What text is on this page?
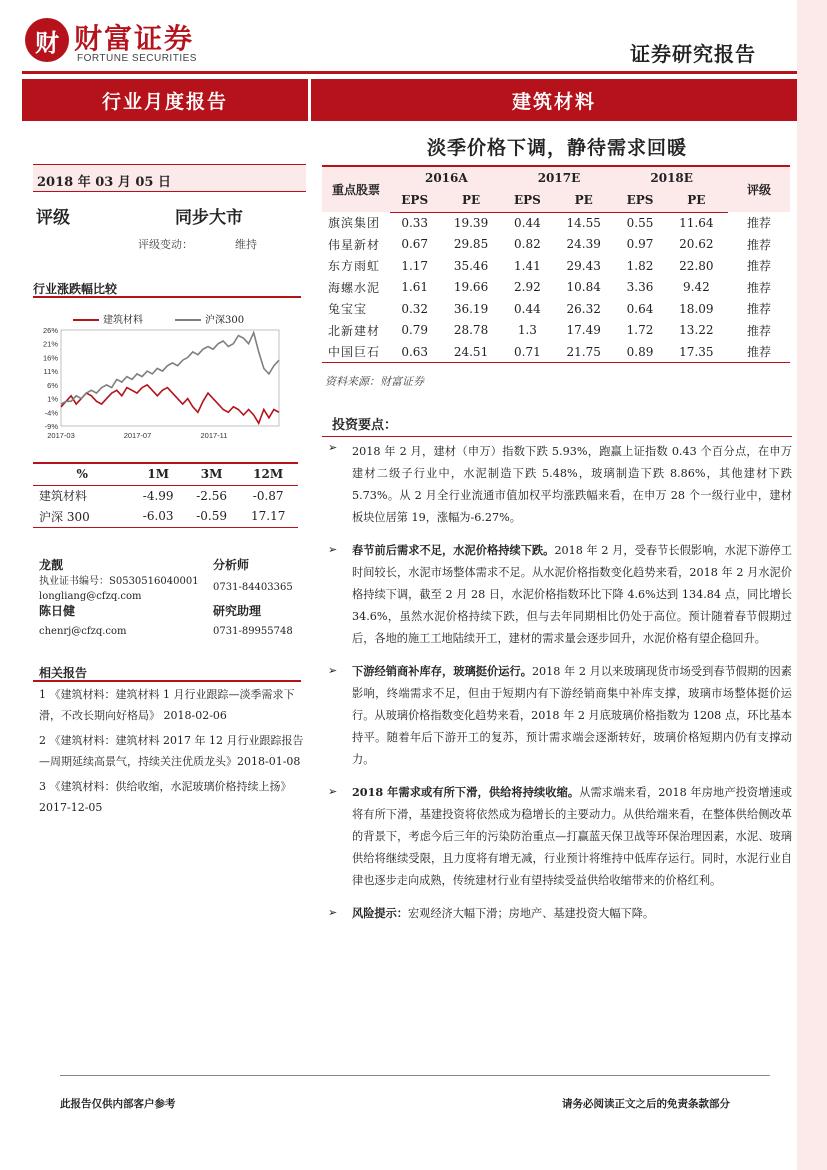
财 财富证券
FORTUNE SECURITIES	证券研究报告
行业月度报告	建筑材料
淡季价格下调，静待需求回暖
2018 年 03 月 05 日
评级	同步大市
评级变动：	维持
行业涨跌幅比较
26%
21%
16%
11%
6%
1%
-4%
-9%
2017-03	2017-07	2017-11
建筑材料	沪深300
%	1M	3M	12M
建筑材料	-4.99	-2.56	-0.87
沪深 300	-6.03	-0.59	17.17
龙靓
执业证书编号：S0530516040001
longliang@cfzq.com
分析师
0731-84403365
陈日健
chenrj@cfzq.com
研究助理
0731-89955748
相关报告
1 《建筑材料：建筑材料 1 月行业跟踪—淡季需求下滑，不改长期向好格局》 2018-02-06
2 《建筑材料：建筑材料 2017 年 12 月行业跟踪报告—周期延续高景气，持续关注优质龙头》2018-01-08
3 《建筑材料：供给收缩，水泥玻璃价格持续上扬》 2017-12-05
重点股票	2016A		2017E		2018E		评级
	EPS	PE	EPS	PE	EPS	PE	
旗滨集团	0.33	19.39	0.44	14.55	0.55	11.64	推荐
伟星新材	0.67	29.85	0.82	24.39	0.97	20.62	推荐
东方雨虹	1.17	35.46	1.41	29.43	1.82	22.80	推荐
海螺水泥	1.61	19.66	2.92	10.84	3.36	9.42	推荐
兔宝宝	0.32	36.19	0.44	26.32	0.64	18.09	推荐
北新建材	0.79	28.78	1.3	17.49	1.72	13.22	推荐
中国巨石	0.63	24.51	0.71	21.75	0.89	17.35	推荐
资料来源：财富证券
投资要点：
➢ 2018 年 2 月，建材（申万）指数下跌 5.93%，跑赢上证指数 0.43 个百分点，在申万建材二级子行业中，水泥制造下跌 5.48%，玻璃制造下跌 8.86%，其他建材下跌 5.73%。从 2 月全行业流通市值加权平均涨跌幅来看，在申万 28 个一级行业中，建材板块位居第 19，涨幅为-6.27%。
➢ 春节前后需求不足，水泥价格持续下跌。2018 年 2 月，受春节长假影响，水泥下游停工时间较长，水泥市场整体需求不足。从水泥价格指数变化趋势来看，2018 年 2 月水泥价格持续下调，截至 2 月 28 日，水泥价格指数环比下降 4.6%达到 134.84 点，同比增长 34.6%，虽然水泥价格持续下跌，但与去年同期相比仍处于高位。预计随着春节假期过后，各地的施工工地陆续开工，建材的需求量会逐步回升，水泥价格有望企稳回升。
➢ 下游经销商补库存，玻璃挺价运行。2018 年 2 月以来玻璃现货市场受到春节假期的因素影响，终端需求不足，但由于短期内有下游经销商集中补库支撑，玻璃市场整体挺价运行。从玻璃价格指数变化趋势来看，2018 年 2 月底玻璃价格指数为 1208 点，环比基本持平。随着年后下游开工的复苏，预计需求端会逐渐转好，玻璃价格短期内仍有支撑动力。
➢ 2018 年需求或有所下滑，供给将持续收缩。从需求端来看，2018 年房地产投资增速或将有所下滑，基建投资将依然成为稳增长的主要动力。从供给端来看，在整体供给侧改革的背景下，考虑今后三年的污染防治重点—打赢蓝天保卫战等环保治理因素，水泥、玻璃供给将继续受限，且力度将有增无减，行业预计将维持中低库存运行。同时，水泥行业自律也逐步走向成熟，传统建材行业有望持续受益供给收缩带来的价格红利。
➢ 风险提示：宏观经济大幅下滑；房地产、基建投资大幅下降。
此报告仅供内部客户参考	请务必阅读正文之后的免责条款部分
